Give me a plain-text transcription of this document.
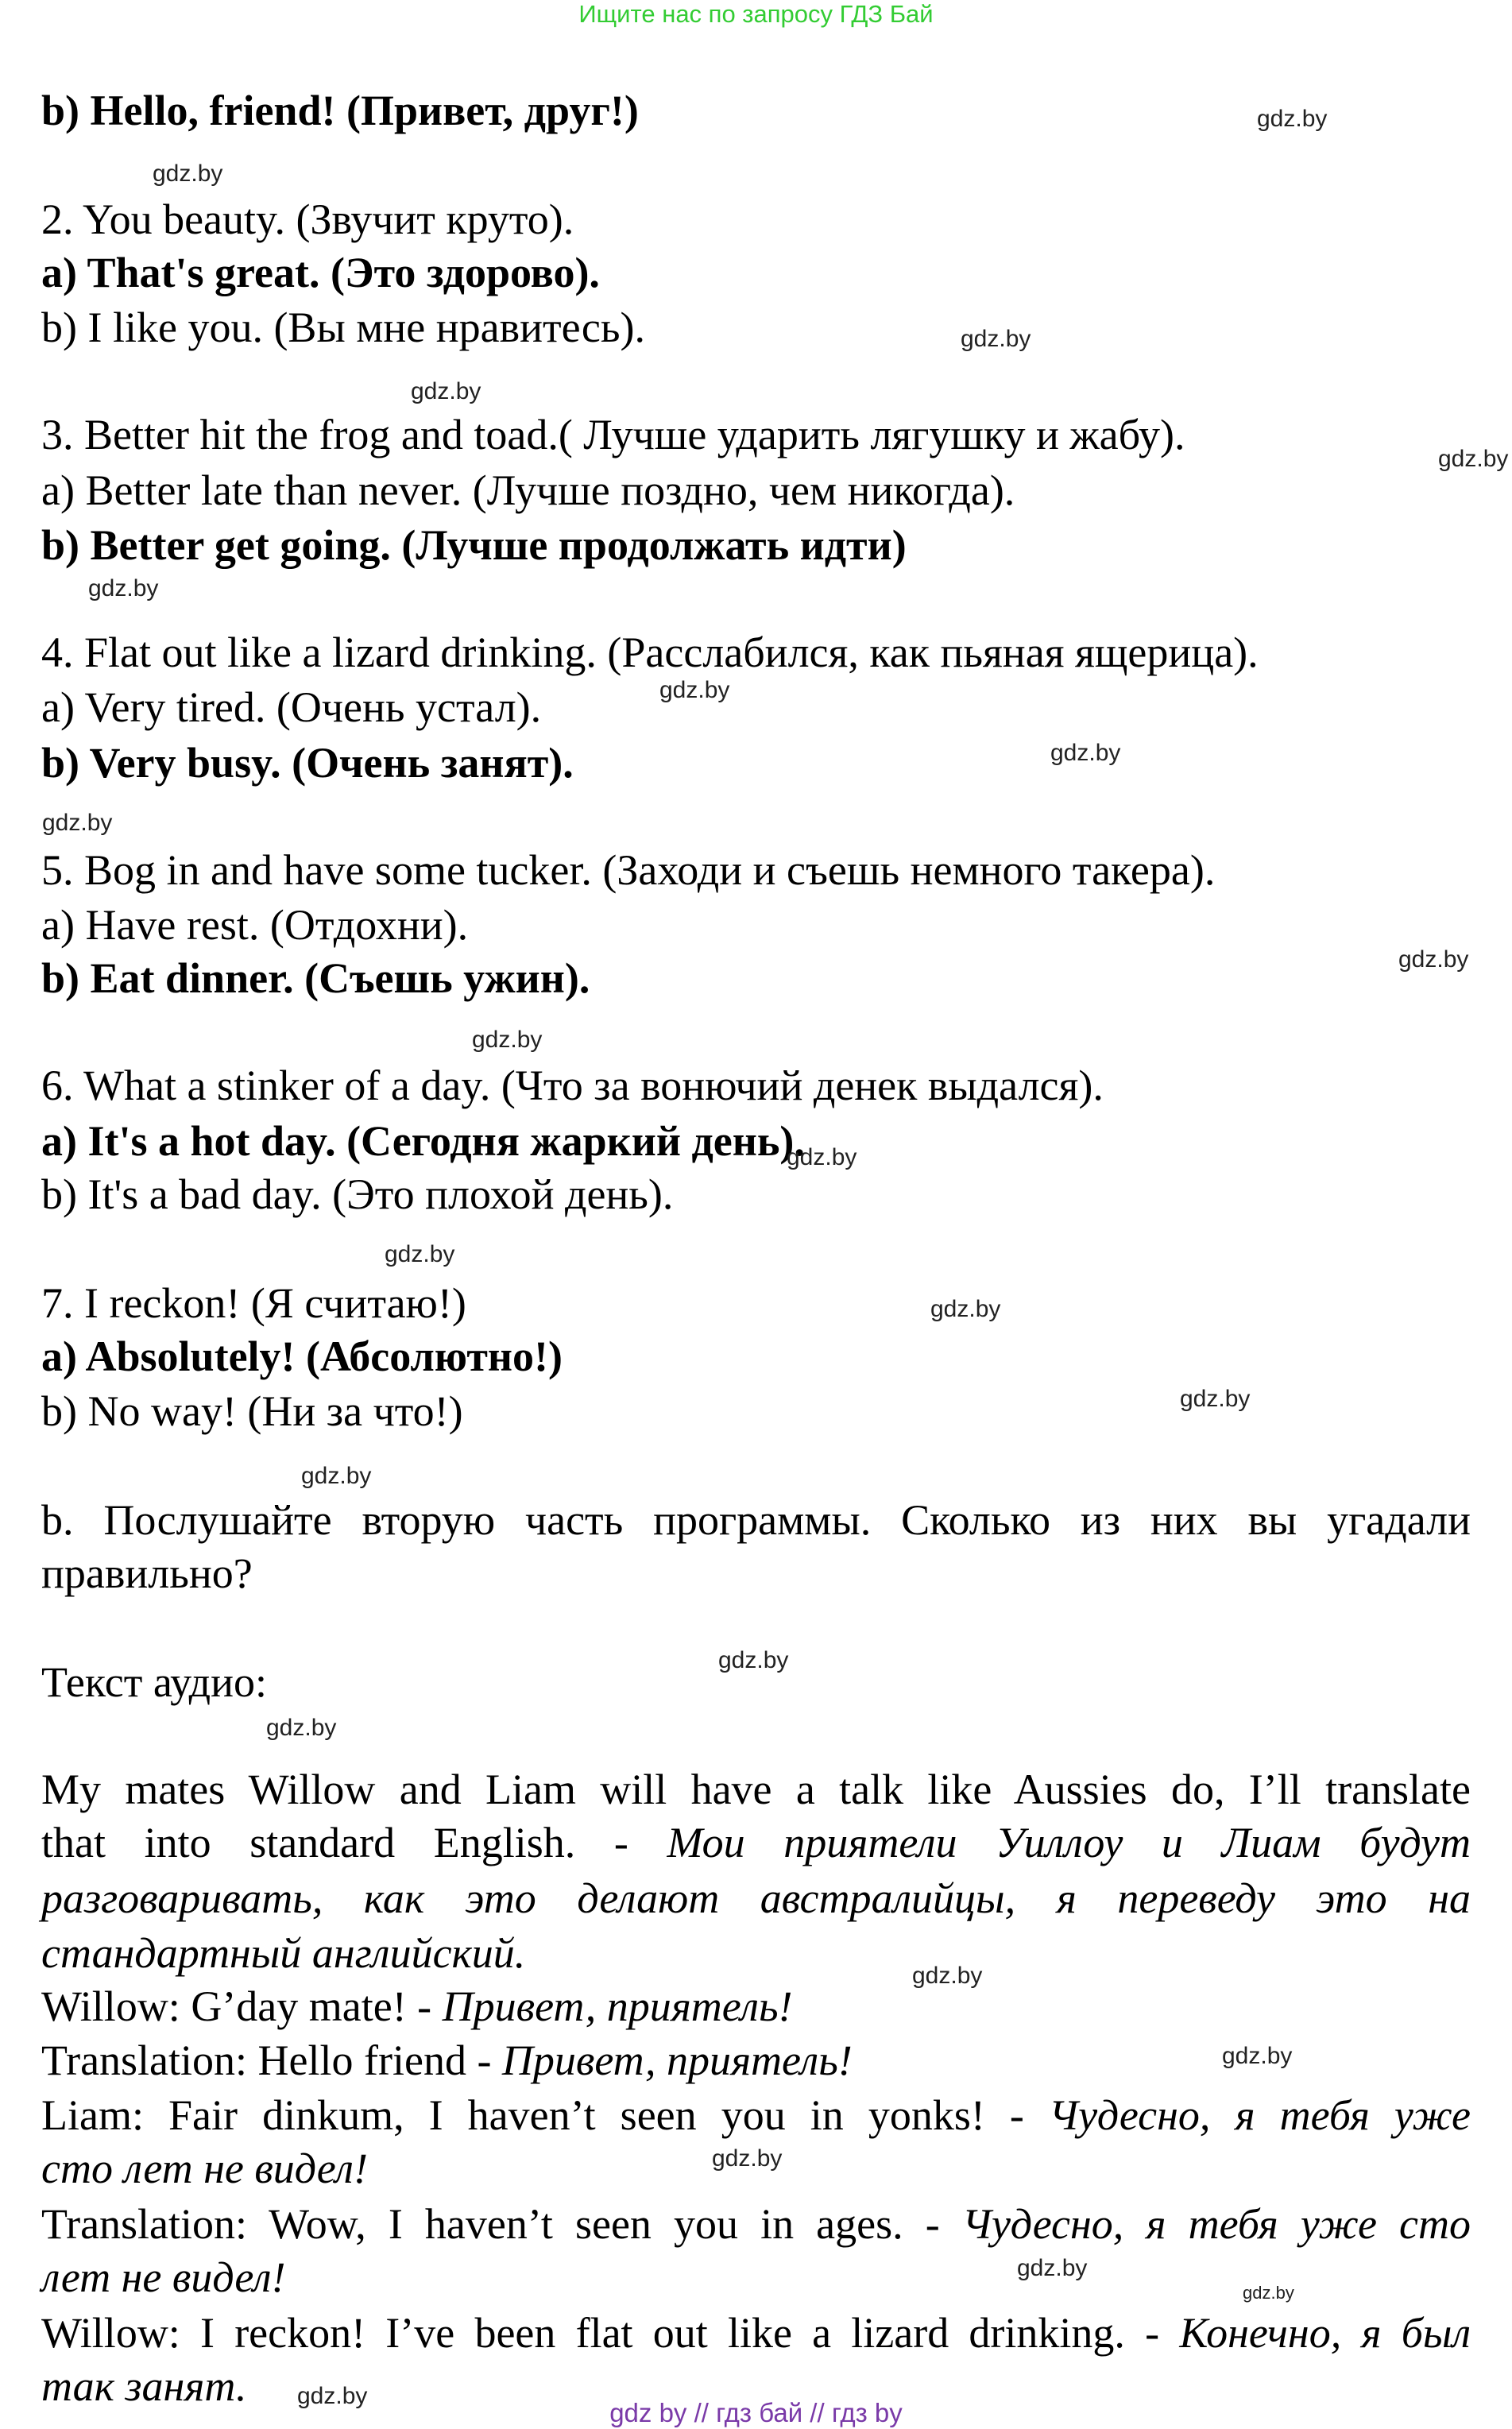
Ищите нас по запросу ГДЗ Бай
b) Hello, friend! (Привет, друг!)
2. You beauty. (Звучит круто).
a) That's great. (Это здорово).
b) I like you. (Вы мне нравитесь).
3. Better hit the frog and toad.( Лучше ударить лягушку и жабу).
a) Better late than never. (Лучше поздно, чем никогда).
b) Better get going. (Лучше продолжать идти)
4. Flat out like a lizard drinking. (Расслабился, как пьяная ящерица).
a) Very tired. (Очень устал).
b) Very busy. (Очень занят).
5. Bog in and have some tucker. (Заходи и съешь немного такера).
a) Have rest. (Отдохни).
b) Eat dinner. (Съешь ужин).
6. What a stinker of a day. (Что за вонючий денек выдался).
a) It's a hot day. (Сегодня жаркий день).
b) It's a bad day. (Это плохой день).
7. I reckon! (Я считаю!)
a) Absolutely! (Абсолютно!)
b) No way! (Ни за что!)
b. Послушайте вторую часть программы. Сколько из них вы угадали
правильно?
Текст аудио:
My mates Willow and Liam will have a talk like Aussies do, I’ll translate
that into standard English. - Мои приятели Уиллоу и Лиам будут
разговаривать, как это делают австралийцы, я переведу это на
стандартный английский.
Willow: G’day mate! - Привет, приятель!
Translation: Hello friend - Привет, приятель!
Liam: Fair dinkum, I haven’t seen you in yonks! - Чудесно, я тебя уже
сто лет не видел!
Translation: Wow, I haven’t seen you in ages. - Чудесно, я тебя уже сто
лет не видел!
Willow: I reckon! I’ve been flat out like a lizard drinking. - Конечно, я был
так занят.
gdz by // гдз бай // гдз by
gdz.by
gdz.by
gdz.by
gdz.by
gdz.by
gdz.by
gdz.by
gdz.by
gdz.by
gdz.by
gdz.by
gdz.by
gdz.by
gdz.by
gdz.by
gdz.by
gdz.by
gdz.by
gdz.by
gdz.by
gdz.by
gdz.by
gdz.by
gdz.by
